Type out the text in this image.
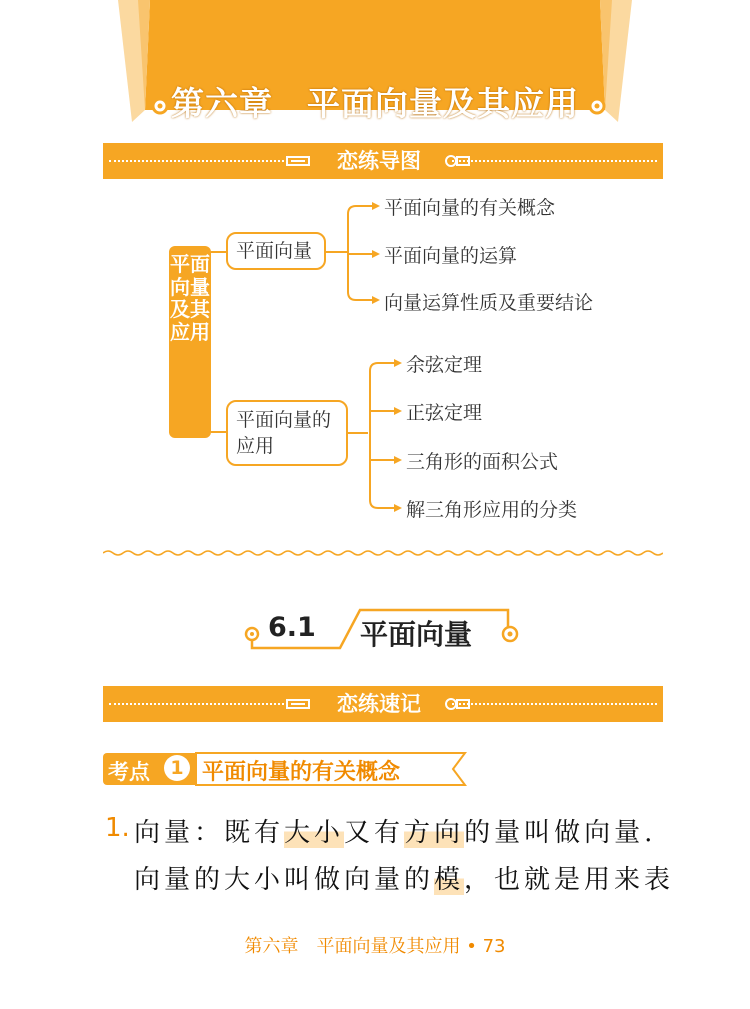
第六章　平面向量及其应用
恋练导图
平面向量及其应用
平面向量
平面向量的
应用
平面向量的有关概念
平面向量的运算
向量运算性质及重要结论
余弦定理
正弦定理
三角形的面积公式
解三角形应用的分类
6.1 平面向量
恋练速记
考点	1 平面向量的有关概念
1. 向量：既有大小又有方向的量叫做向量.
向量的大小叫做向量的模，也就是用来表
第六章　平面向量及其应用 • 73
